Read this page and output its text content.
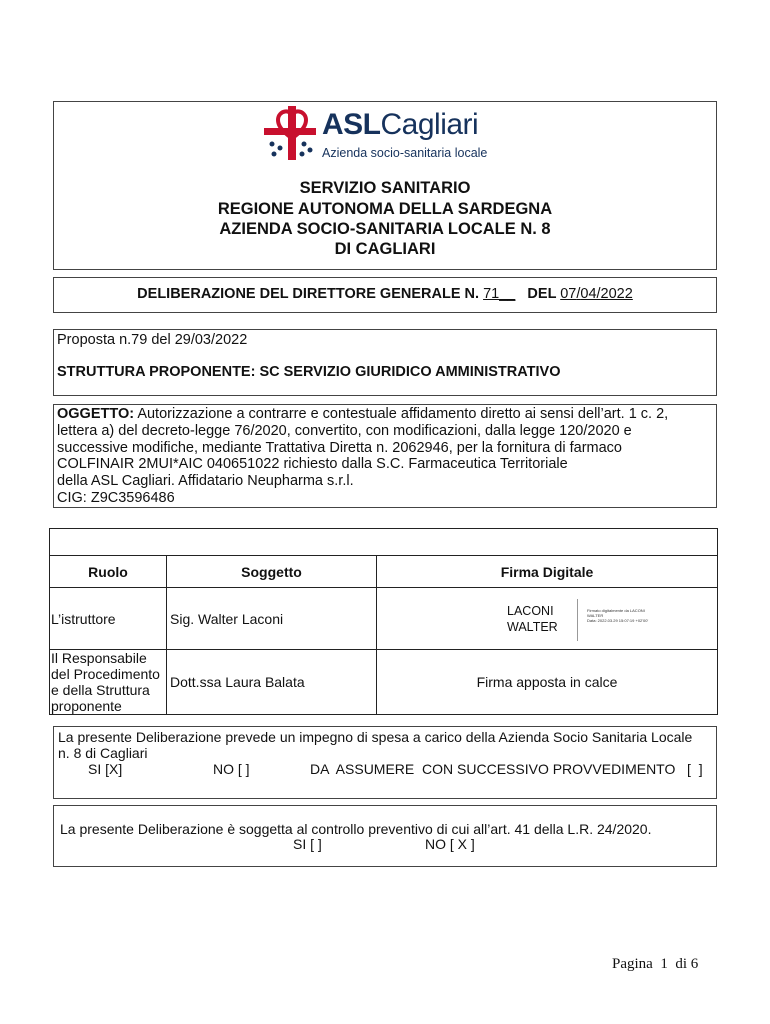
ASLCagliari
Azienda socio-sanitaria locale
SERVIZIO SANITARIO
REGIONE AUTONOMA DELLA SARDEGNA
AZIENDA SOCIO-SANITARIA LOCALE N. 8
DI CAGLIARI
DELIBERAZIONE DEL DIRETTORE GENERALE N. 71__ DEL 07/04/2022
Proposta n.79 del 29/03/2022
STRUTTURA PROPONENTE: SC SERVIZIO GIURIDICO AMMINISTRATIVO
OGGETTO: Autorizzazione a contrarre e contestuale affidamento diretto ai sensi dell’art. 1 c. 2,
lettera a) del decreto-legge 76/2020, convertito, con modificazioni, dalla legge 120/2020 e
successive modifiche, mediante Trattativa Diretta n. 2062946, per la fornitura di farmaco
COLFINAIR 2MUI*AIC 040651022 richiesto dalla S.C. Farmaceutica Territoriale
della ASL Cagliari. Affidatario Neupharma s.r.l.
CIG: Z9C3596486

Ruolo	Soggetto	Firma Digitale
L’istruttore	Sig. Walter Laconi	LACONI
WALTER
Firmato digitalmente da LACONI
WALTER
Data: 2022.03.29 15:07:19 +02'00'

Il Responsabile
del Procedimento
e della Struttura
proponente	Dott.ssa Laura Balata	Firma apposta in calce
La presente Deliberazione prevede un impegno di spesa a carico della Azienda Socio Sanitaria Locale
n. 8 di Cagliari
SI [X]	NO [ ]	DA  ASSUMERE  CON SUCCESSIVO PROVVEDIMENTO   [  ]
La presente Deliberazione è soggetta al controllo preventivo di cui all’art. 41 della L.R. 24/2020.
SI [ ]	NO [ X ]
Pagina  1  di 6
